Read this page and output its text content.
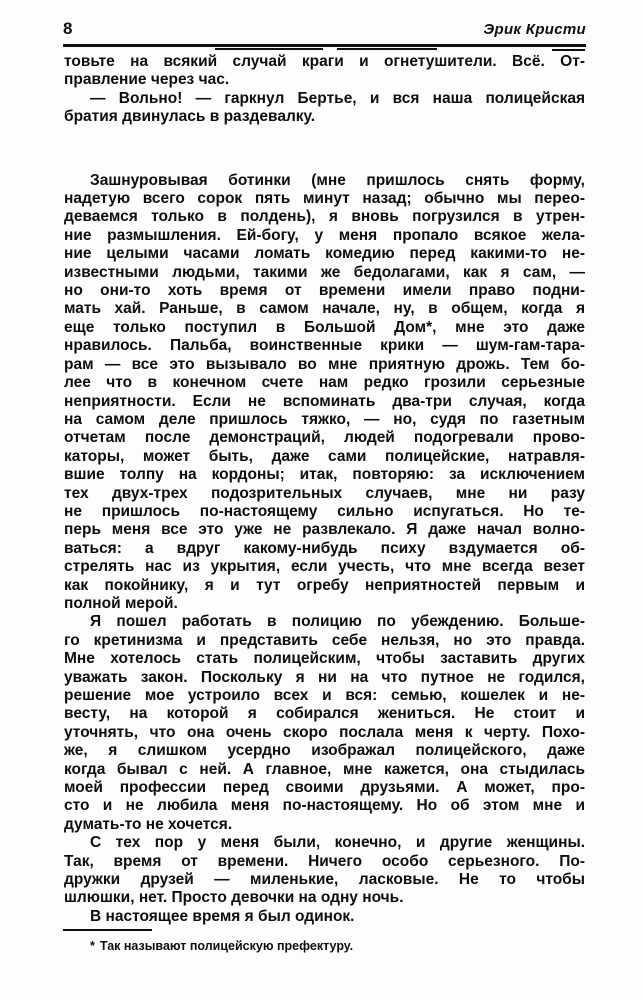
8	Эрик Кристи
товьте на всякий случай краги и огнетушители. Всё. От-
правление через час.
— Вольно! — гаркнул Бертье, и вся наша полицейская
братия двинулась в раздевалку.
Зашнуровывая ботинки (мне пришлось снять форму,
надетую всего сорок пять минут назад; обычно мы перео-
деваемся только в полдень), я вновь погрузился в утрен-
ние размышления. Ей-богу, у меня пропало всякое жела-
ние целыми часами ломать комедию перед какими-то не-
известными людьми, такими же бедолагами, как я сам, —
но они-то хоть время от времени имели право подни-
мать хай. Раньше, в самом начале, ну, в общем, когда я
еще только поступил в Большой Дом*, мне это даже
нравилось. Пальба, воинственные крики — шум-гам-тара-
рам — все это вызывало во мне приятную дрожь. Тем бо-
лее что в конечном счете нам редко грозили серьезные
неприятности. Если не вспоминать два-три случая, когда
на самом деле пришлось тяжко, — но, судя по газетным
отчетам после демонстраций, людей подогревали прово-
каторы, может быть, даже сами полицейские, натравля-
вшие толпу на кордоны; итак, повторяю: за исключением
тех двух-трех подозрительных случаев, мне ни разу
не пришлось по-настоящему сильно испугаться. Но те-
перь меня все это уже не развлекало. Я даже начал волно-
ваться: а вдруг какому-нибудь психу вздумается об-
стрелять нас из укрытия, если учесть, что мне всегда везет
как покойнику, я и тут огребу неприятностей первым и
полной мерой.
Я пошел работать в полицию по убеждению. Больше-
го кретинизма и представить себе нельзя, но это правда.
Мне хотелось стать полицейским, чтобы заставить других
уважать закон. Поскольку я ни на что путное не годился,
решение мое устроило всех и вся: семью, кошелек и не-
весту, на которой я собирался жениться. Не стоит и
уточнять, что она очень скоро послала меня к черту. Похо-
же, я слишком усердно изображал полицейского, даже
когда бывал с ней. А главное, мне кажется, она стыдилась
моей профессии перед своими друзьями. А может, про-
сто и не любила меня по-настоящему. Но об этом мне и
думать-то не хочется.
С тех пор у меня были, конечно, и другие женщины.
Так, время от времени. Ничего особо серьезного. По-
дружки друзей — миленькие, ласковые. Не то чтобы
шлюшки, нет. Просто девочки на одну ночь.
В настоящее время я был одинок.
* Так называют полицейскую префектуру.
